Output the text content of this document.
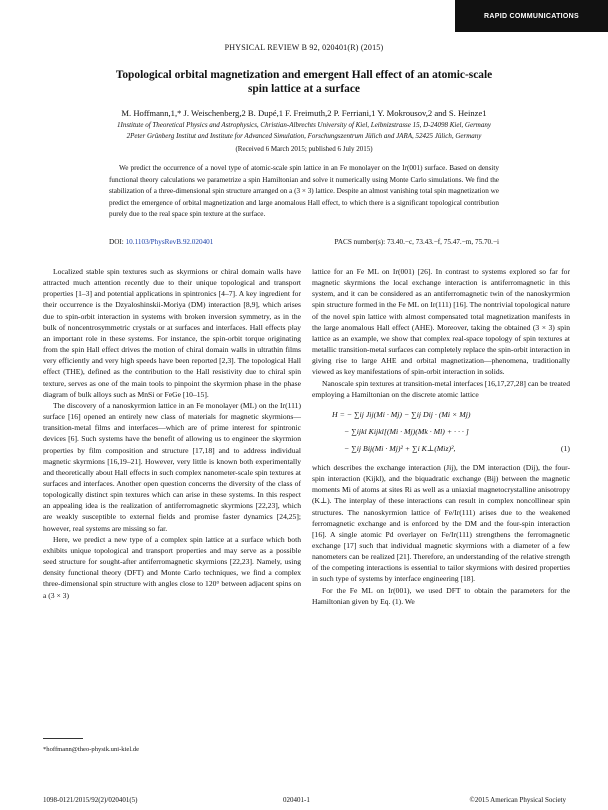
RAPID COMMUNICATIONS
PHYSICAL REVIEW B 92, 020401(R) (2015)
Topological orbital magnetization and emergent Hall effect of an atomic-scale
spin lattice at a surface
M. Hoffmann,1,* J. Weischenberg,2 B. Dupé,1 F. Freimuth,2 P. Ferriani,1 Y. Mokrousov,2 and S. Heinze1
1Institute of Theoretical Physics and Astrophysics, Christian-Albrechts University of Kiel, Leibnizstrasse 15, D-24098 Kiel, Germany
2Peter Grünberg Institut and Institute for Advanced Simulation, Forschungszentrum Jülich and JARA, 52425 Jülich, Germany
(Received 6 March 2015; published 6 July 2015)
We predict the occurrence of a novel type of atomic-scale spin lattice in an Fe monolayer on the Ir(001) surface. Based on density functional theory calculations we parametrize a spin Hamiltonian and solve it numerically using Monte Carlo simulations. We find the stabilization of a three-dimensional spin structure arranged on a (3 × 3) lattice. Despite an almost vanishing total spin magnetization we predict the emergence of orbital magnetization and large anomalous Hall effect, to which there is a significant topological contribution purely due to the real space spin texture at the surface.
DOI: 10.1103/PhysRevB.92.020401	PACS number(s): 73.40.−c, 73.43.−f, 75.47.−m, 75.70.−i

Localized stable spin textures such as skyrmions or chiral domain walls have attracted much attention recently due to their unique topological and transport properties [1–3] and potential applications in spintronics [4–7]. A key ingredient for their occurrence is the Dzyaloshinskii-Moriya (DM) interaction [8,9], which arises due to spin-orbit interaction in systems with broken inversion symmetry, as in the bulk of noncentrosymmetric crystals or at surfaces and interfaces. Hall effects play an important role in these systems. For instance, the spin-orbit torque originating from the spin Hall effect drives the motion of chiral domain walls in ultrathin films very efficiently and very high speeds have been reported [2,3]. The topological Hall effect (THE), defined as the contribution to the Hall resistivity due to chiral spin texture, serves as one of the main tools to pinpoint the skyrmion phase in the phase diagram of bulk alloys such as MnSi or FeGe [10–15].

The discovery of a nanoskyrmion lattice in an Fe monolayer (ML) on the Ir(111) surface [16] opened an entirely new class of materials for magnetic skyrmions—transition-metal films and interfaces—which are of prime interest for spintronic devices [6]. Such systems have the benefit of allowing us to engineer the skyrmion properties by film composition and structure [17,18] and to address individual magnetic skyrmions [16,19–21]. However, very little is known both experimentally and theoretically about Hall effects in such complex nanometer-scale spin textures at surfaces and interfaces. Another open question concerns the diversity of the class of topologically distinct spin textures which can arise in these systems. In this respect an appealing idea is the realization of antiferromagnetic skyrmions [22,23], which are weakly susceptible to external fields and promise faster dynamics [24,25]; however, real systems are missing so far.

Here, we predict a new type of a complex spin lattice at a surface which both exhibits unique topological and transport properties and may serve as a possible seed structure for sought-after antiferromagnetic skyrmions [22,23]. Namely, using density functional theory (DFT) and Monte Carlo techniques, we find a complex three-dimensional spin structure with angles close to 120° between adjacent spins on a (3 × 3)

lattice for an Fe ML on Ir(001) [26]. In contrast to systems explored so far for magnetic skyrmions the local exchange interaction is antiferromagnetic in this system, and it can be considered as an antiferromagnetic twin of the nanoskyrmion spin structure formed in the Fe ML on Ir(111) [16]. The nontrivial topological nature of the novel spin lattice with almost compensated total magnetization manifests in the large anomalous Hall effect (AHE). Moreover, taking the obtained (3 × 3) spin lattice as an example, we show that complex real-space topology of spin textures at metallic transition-metal surfaces can completely replace the spin-orbit interaction in giving rise to large AHE and orbital magnetization—phenomena, traditionally viewed as key manifestations of spin-orbit interaction in solids.

Nanoscale spin textures at transition-metal interfaces [16,17,27,28] can be treated employing a Hamiltonian on the discrete atomic lattice

H = − ∑ij Jij(Mi · Mj) − ∑ij Dij · (Mi × Mj)
− ∑ijkl Kijkl[(Mi · Mj)(Mk · Ml) + · · · ]
− ∑ij Bij(Mi · Mj)² + ∑i K⊥(Miz)²,	(1)

which describes the exchange interaction (Jij), the DM interaction (Dij), the four-spin interaction (Kijkl), and the biquadratic exchange (Bij) between the magnetic moments Mi of atoms at sites Ri as well as a uniaxial magnetocrystalline anisotropy (K⊥). The interplay of these interactions can result in complex noncollinear spin structures. The nanoskyrmion lattice of Fe/Ir(111) arises due to the weakened ferromagnetic exchange and is enforced by the DM and the four-spin interaction [16]. A single atomic Pd overlayer on Fe/Ir(111) strengthens the ferromagnetic exchange [17] such that individual magnetic skyrmions with a diameter of a few nanometers can be realized [21]. Therefore, an understanding of the relative strength of the competing interactions is essential to tailor skyrmions with desired properties in such type of systems by interface engineering [18].

For the Fe ML on Ir(001), we used DFT to obtain the parameters for the Hamiltonian given by Eq. (1). We

*hoffmann@theo-physik.uni-kiel.de
1098-0121/2015/92(2)/020401(5)	020401-1	©2015 American Physical Society
